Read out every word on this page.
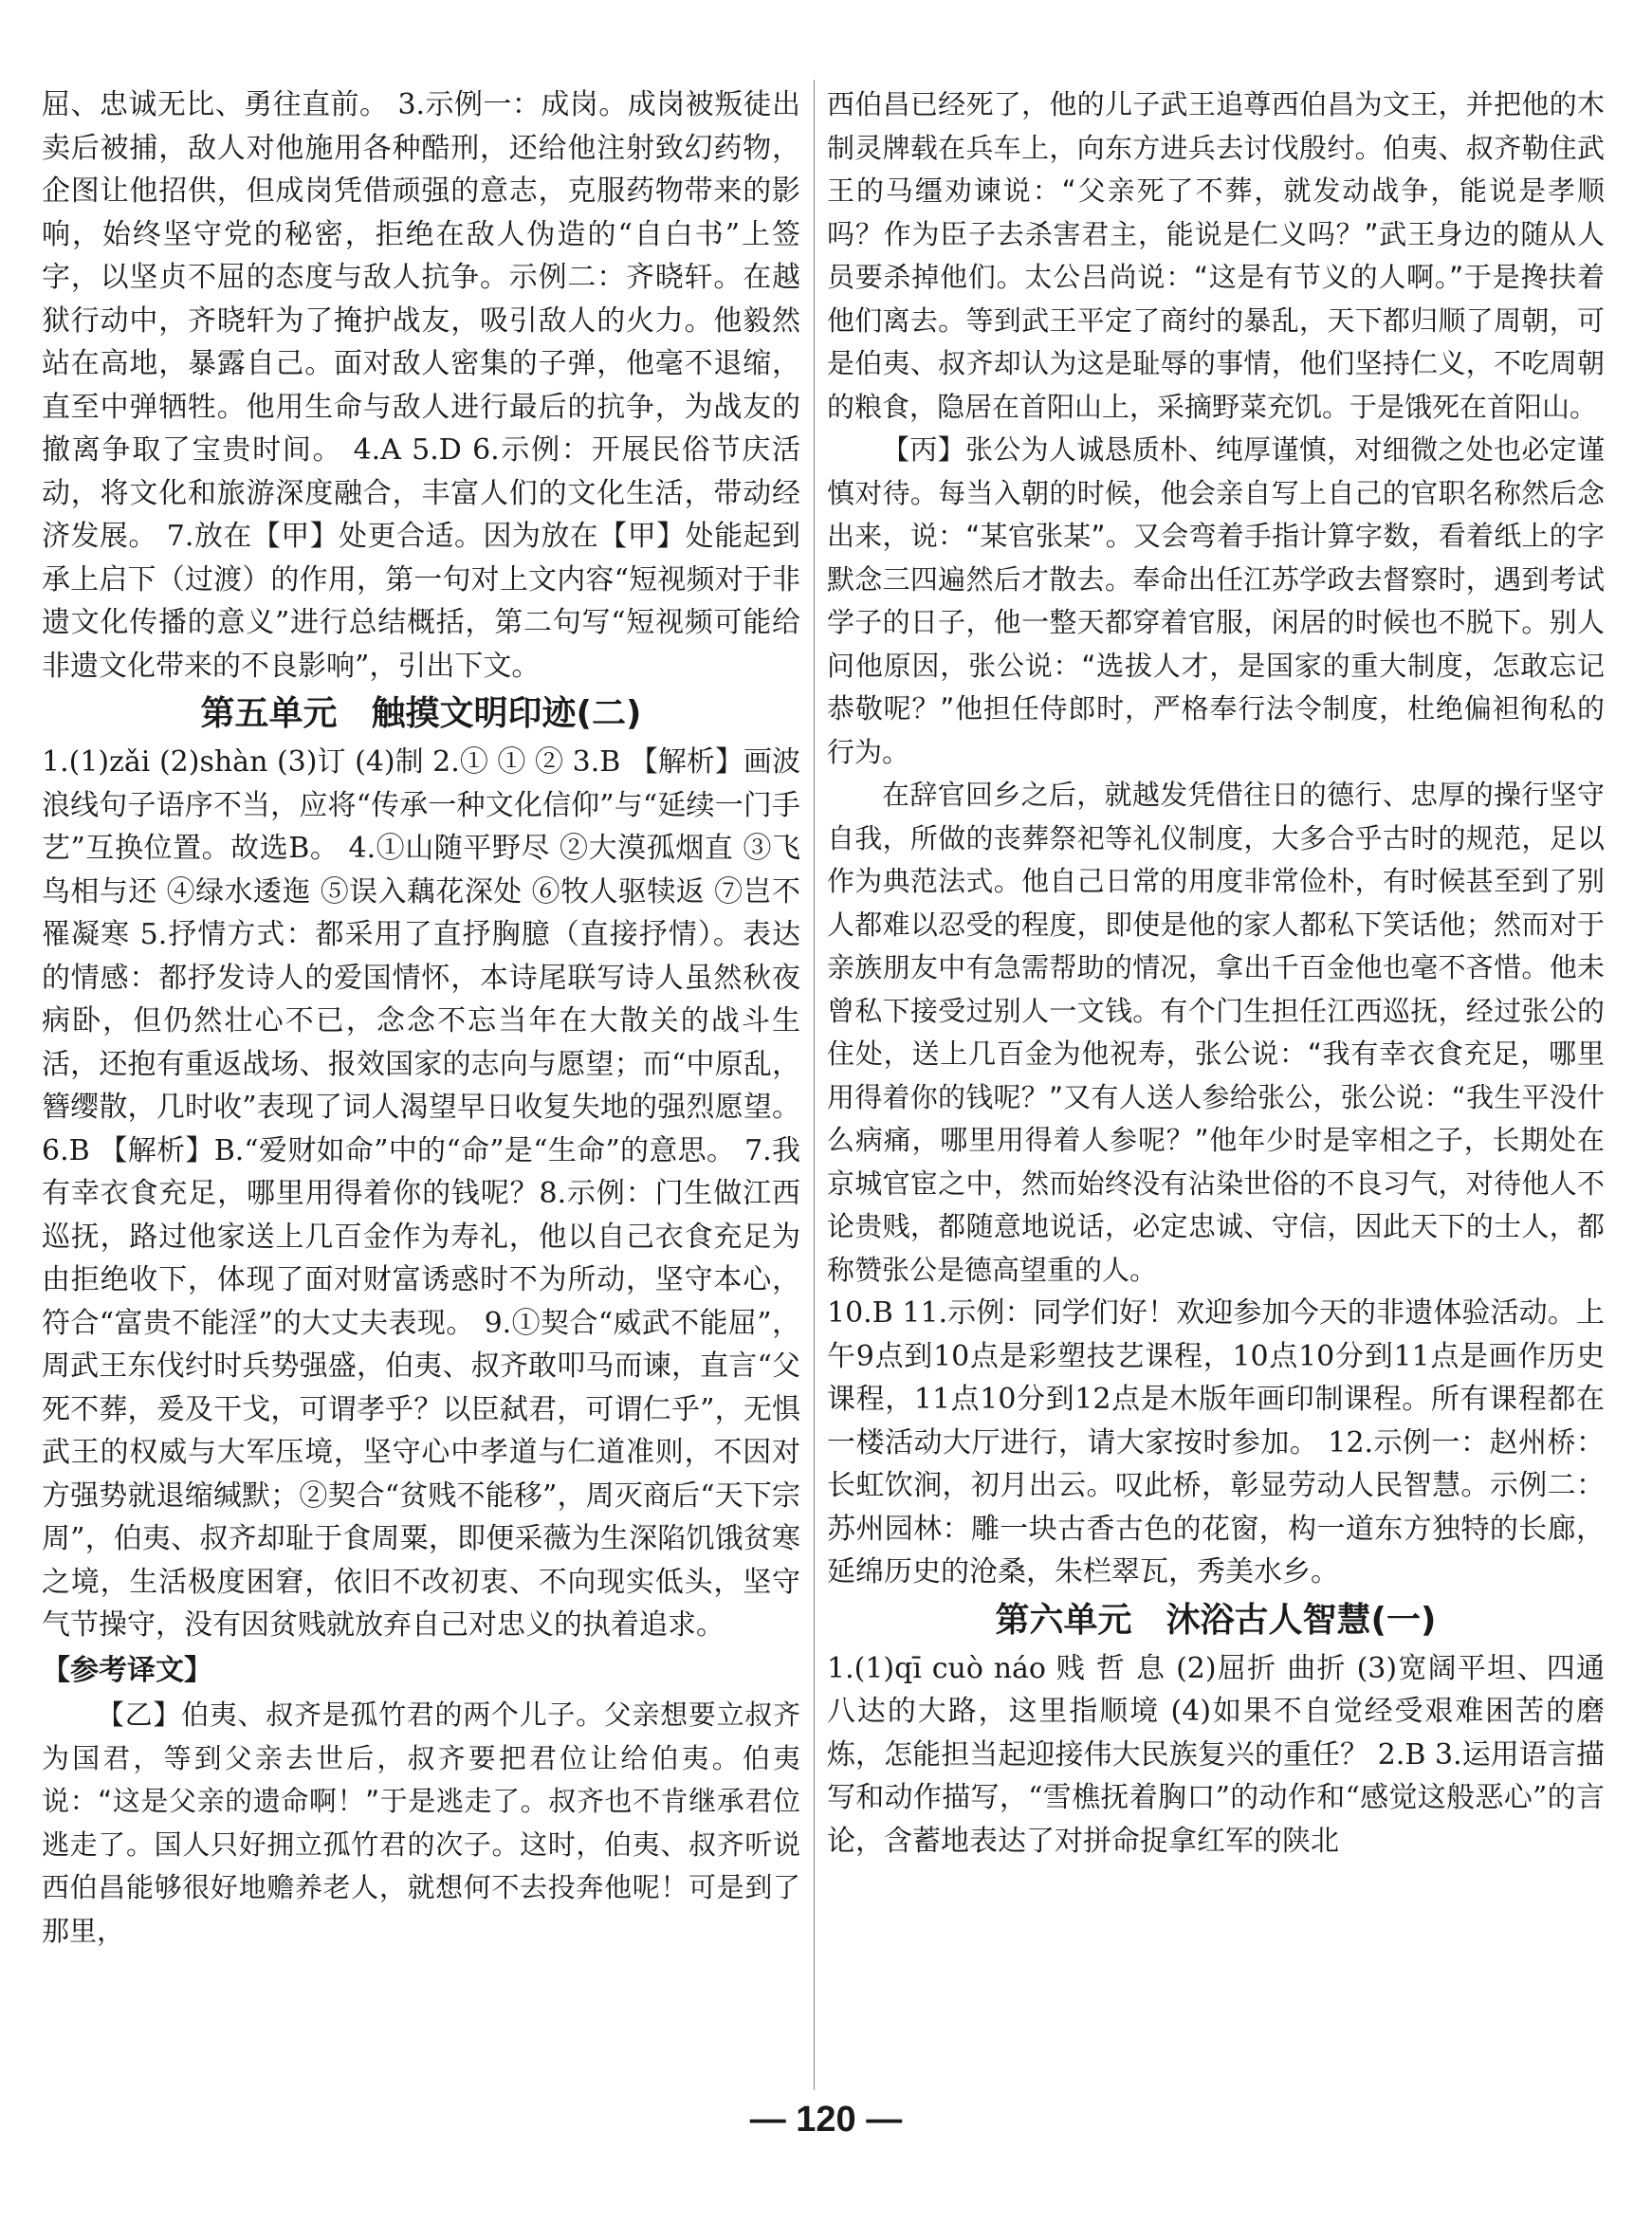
屈、忠诚无比、勇往直前。 3.示例一：成岗。成岗被叛徒出卖后被捕，敌人对他施用各种酷刑，还给他注射致幻药物，企图让他招供，但成岗凭借顽强的意志，克服药物带来的影响，始终坚守党的秘密，拒绝在敌人伪造的“自白书”上签字，以坚贞不屈的态度与敌人抗争。示例二：齐晓轩。在越狱行动中，齐晓轩为了掩护战友，吸引敌人的火力。他毅然站在高地，暴露自己。面对敌人密集的子弹，他毫不退缩，直至中弹牺牲。他用生命与敌人进行最后的抗争，为战友的撤离争取了宝贵时间。 4.A 5.D 6.示例：开展民俗节庆活动，将文化和旅游深度融合，丰富人们的文化生活，带动经济发展。 7.放在【甲】处更合适。因为放在【甲】处能起到承上启下（过渡）的作用，第一句对上文内容“短视频对于非遗文化传播的意义”进行总结概括，第二句写“短视频可能给非遗文化带来的不良影响”，引出下文。

第五单元　触摸文明印迹(二)

1.(1)zǎi (2)shàn (3)订 (4)制 2.① ① ② 3.B 【解析】画波浪线句子语序不当，应将“传承一种文化信仰”与“延续一门手艺”互换位置。故选B。 4.①山随平野尽 ②大漠孤烟直 ③飞鸟相与还 ④绿水逶迤 ⑤误入藕花深处 ⑥牧人驱犊返 ⑦岂不罹凝寒 5.抒情方式：都采用了直抒胸臆（直接抒情）。表达的情感：都抒发诗人的爱国情怀，本诗尾联写诗人虽然秋夜病卧，但仍然壮心不已，念念不忘当年在大散关的战斗生活，还抱有重返战场、报效国家的志向与愿望；而“中原乱，簪缨散，几时收”表现了词人渴望早日收复失地的强烈愿望。6.B 【解析】B.“爱财如命”中的“命”是“生命”的意思。 7.我有幸衣食充足，哪里用得着你的钱呢？8.示例：门生做江西巡抚，路过他家送上几百金作为寿礼，他以自己衣食充足为由拒绝收下，体现了面对财富诱惑时不为所动，坚守本心，符合“富贵不能淫”的大丈夫表现。 9.①契合“威武不能屈”，周武王东伐纣时兵势强盛，伯夷、叔齐敢叩马而谏，直言“父死不葬，爰及干戈，可谓孝乎？以臣弑君，可谓仁乎”，无惧武王的权威与大军压境，坚守心中孝道与仁道准则，不因对方强势就退缩缄默；②契合“贫贱不能移”，周灭商后“天下宗周”，伯夷、叔齐却耻于食周粟，即便采薇为生深陷饥饿贫寒之境，生活极度困窘，依旧不改初衷、不向现实低头，坚守气节操守，没有因贫贱就放弃自己对忠义的执着追求。

【参考译文】

【乙】伯夷、叔齐是孤竹君的两个儿子。父亲想要立叔齐为国君，等到父亲去世后，叔齐要把君位让给伯夷。伯夷说：“这是父亲的遗命啊！”于是逃走了。叔齐也不肯继承君位逃走了。国人只好拥立孤竹君的次子。这时，伯夷、叔齐听说西伯昌能够很好地赡养老人，就想何不去投奔他呢！可是到了那里，

西伯昌已经死了，他的儿子武王追尊西伯昌为文王，并把他的木制灵牌载在兵车上，向东方进兵去讨伐殷纣。伯夷、叔齐勒住武王的马缰劝谏说：“父亲死了不葬，就发动战争，能说是孝顺吗？作为臣子去杀害君主，能说是仁义吗？”武王身边的随从人员要杀掉他们。太公吕尚说：“这是有节义的人啊。”于是搀扶着他们离去。等到武王平定了商纣的暴乱，天下都归顺了周朝，可是伯夷、叔齐却认为这是耻辱的事情，他们坚持仁义，不吃周朝的粮食，隐居在首阳山上，采摘野菜充饥。于是饿死在首阳山。

【丙】张公为人诚恳质朴、纯厚谨慎，对细微之处也必定谨慎对待。每当入朝的时候，他会亲自写上自己的官职名称然后念出来，说：“某官张某”。又会弯着手指计算字数，看着纸上的字默念三四遍然后才散去。奉命出任江苏学政去督察时，遇到考试学子的日子，他一整天都穿着官服，闲居的时候也不脱下。别人问他原因，张公说：“选拔人才，是国家的重大制度，怎敢忘记恭敬呢？”他担任侍郎时，严格奉行法令制度，杜绝偏袒徇私的行为。

在辞官回乡之后，就越发凭借往日的德行、忠厚的操行坚守自我，所做的丧葬祭祀等礼仪制度，大多合乎古时的规范，足以作为典范法式。他自己日常的用度非常俭朴，有时候甚至到了别人都难以忍受的程度，即使是他的家人都私下笑话他；然而对于亲族朋友中有急需帮助的情况，拿出千百金他也毫不吝惜。他未曾私下接受过别人一文钱。有个门生担任江西巡抚，经过张公的住处，送上几百金为他祝寿，张公说：“我有幸衣食充足，哪里用得着你的钱呢？”又有人送人参给张公，张公说：“我生平没什么病痛，哪里用得着人参呢？”他年少时是宰相之子，长期处在京城官宦之中，然而始终没有沾染世俗的不良习气，对待他人不论贵贱，都随意地说话，必定忠诚、守信，因此天下的士人，都称赞张公是德高望重的人。

10.B 11.示例：同学们好！欢迎参加今天的非遗体验活动。上午9点到10点是彩塑技艺课程，10点10分到11点是画作历史课程，11点10分到12点是木版年画印制课程。所有课程都在一楼活动大厅进行，请大家按时参加。 12.示例一：赵州桥：长虹饮涧，初月出云。叹此桥，彰显劳动人民智慧。示例二：苏州园林：雕一块古香古色的花窗，构一道东方独特的长廊，延绵历史的沧桑，朱栏翠瓦，秀美水乡。

第六单元　沐浴古人智慧(一)

1.(1)qī cuò náo 贱 哲 息 (2)屈折 曲折 (3)宽阔平坦、四通八达的大路，这里指顺境 (4)如果不自觉经受艰难困苦的磨炼，怎能担当起迎接伟大民族复兴的重任？ 2.B 3.运用语言描写和动作描写，“雪樵抚着胸口”的动作和“感觉这般恶心”的言论，含蓄地表达了对拼命捉拿红军的陕北

— 120 —
